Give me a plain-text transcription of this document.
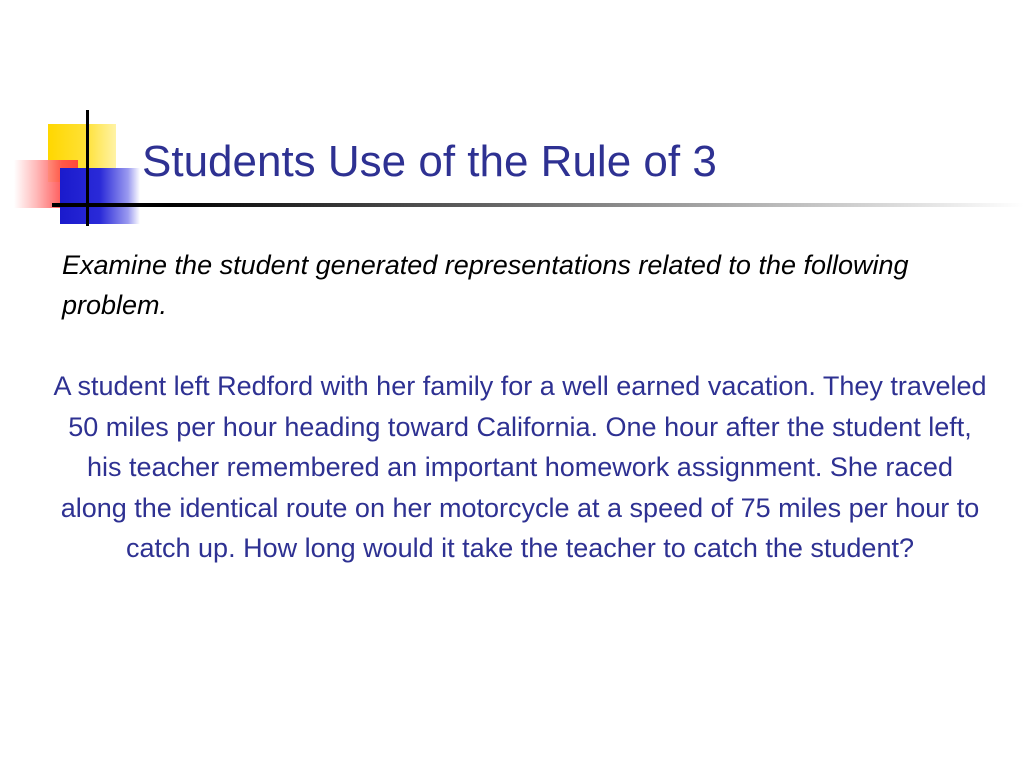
Students Use of the Rule of 3

Examine the student generated representations related to the following problem.

A student left Redford with her family for a well earned vacation. They traveled 50 miles per hour heading toward California. One hour after the student left, his teacher remembered an important homework assignment. She raced along the identical route on her motorcycle at a speed of 75 miles per hour to catch up. How long would it take the teacher to catch the student?
